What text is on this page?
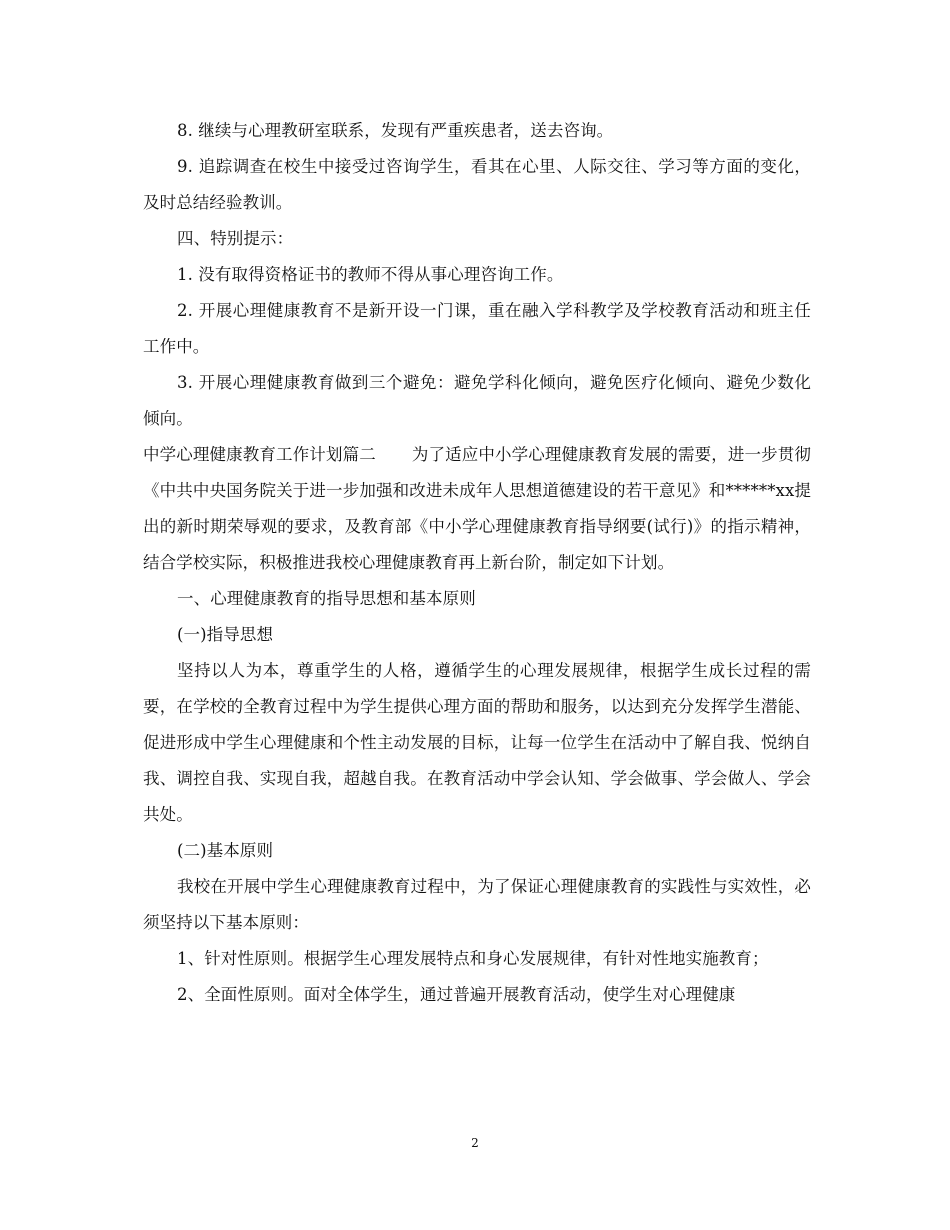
8. 继续与心理教研室联系，发现有严重疾患者，送去咨询。

9. 追踪调查在校生中接受过咨询学生，看其在心里、人际交往、学习等方面的变化，及时总结经验教训。

四、特别提示：

1. 没有取得资格证书的教师不得从事心理咨询工作。

2. 开展心理健康教育不是新开设一门课，重在融入学科教学及学校教育活动和班主任工作中。

3. 开展心理健康教育做到三个避免：避免学科化倾向，避免医疗化倾向、避免少数化倾向。

中学心理健康教育工作计划篇二 为了适应中小学心理健康教育发展的需要，进一步贯彻《中共中央国务院关于进一步加强和改进未成年人思想道德建设的若干意见》和******xx提出的新时期荣辱观的要求，及教育部《中小学心理健康教育指导纲要(试行)》的指示精神，结合学校实际，积极推进我校心理健康教育再上新台阶，制定如下计划。

一、心理健康教育的指导思想和基本原则

(一)指导思想

坚持以人为本，尊重学生的人格，遵循学生的心理发展规律，根据学生成长过程的需要，在学校的全教育过程中为学生提供心理方面的帮助和服务，以达到充分发挥学生潜能、促进形成中学生心理健康和个性主动发展的目标，让每一位学生在活动中了解自我、悦纳自我、调控自我、实现自我，超越自我。在教育活动中学会认知、学会做事、学会做人、学会共处。

(二)基本原则

我校在开展中学生心理健康教育过程中，为了保证心理健康教育的实践性与实效性，必须坚持以下基本原则：

1、针对性原则。根据学生心理发展特点和身心发展规律，有针对性地实施教育；

2、全面性原则。面对全体学生，通过普遍开展教育活动，使学生对心理健康

2
